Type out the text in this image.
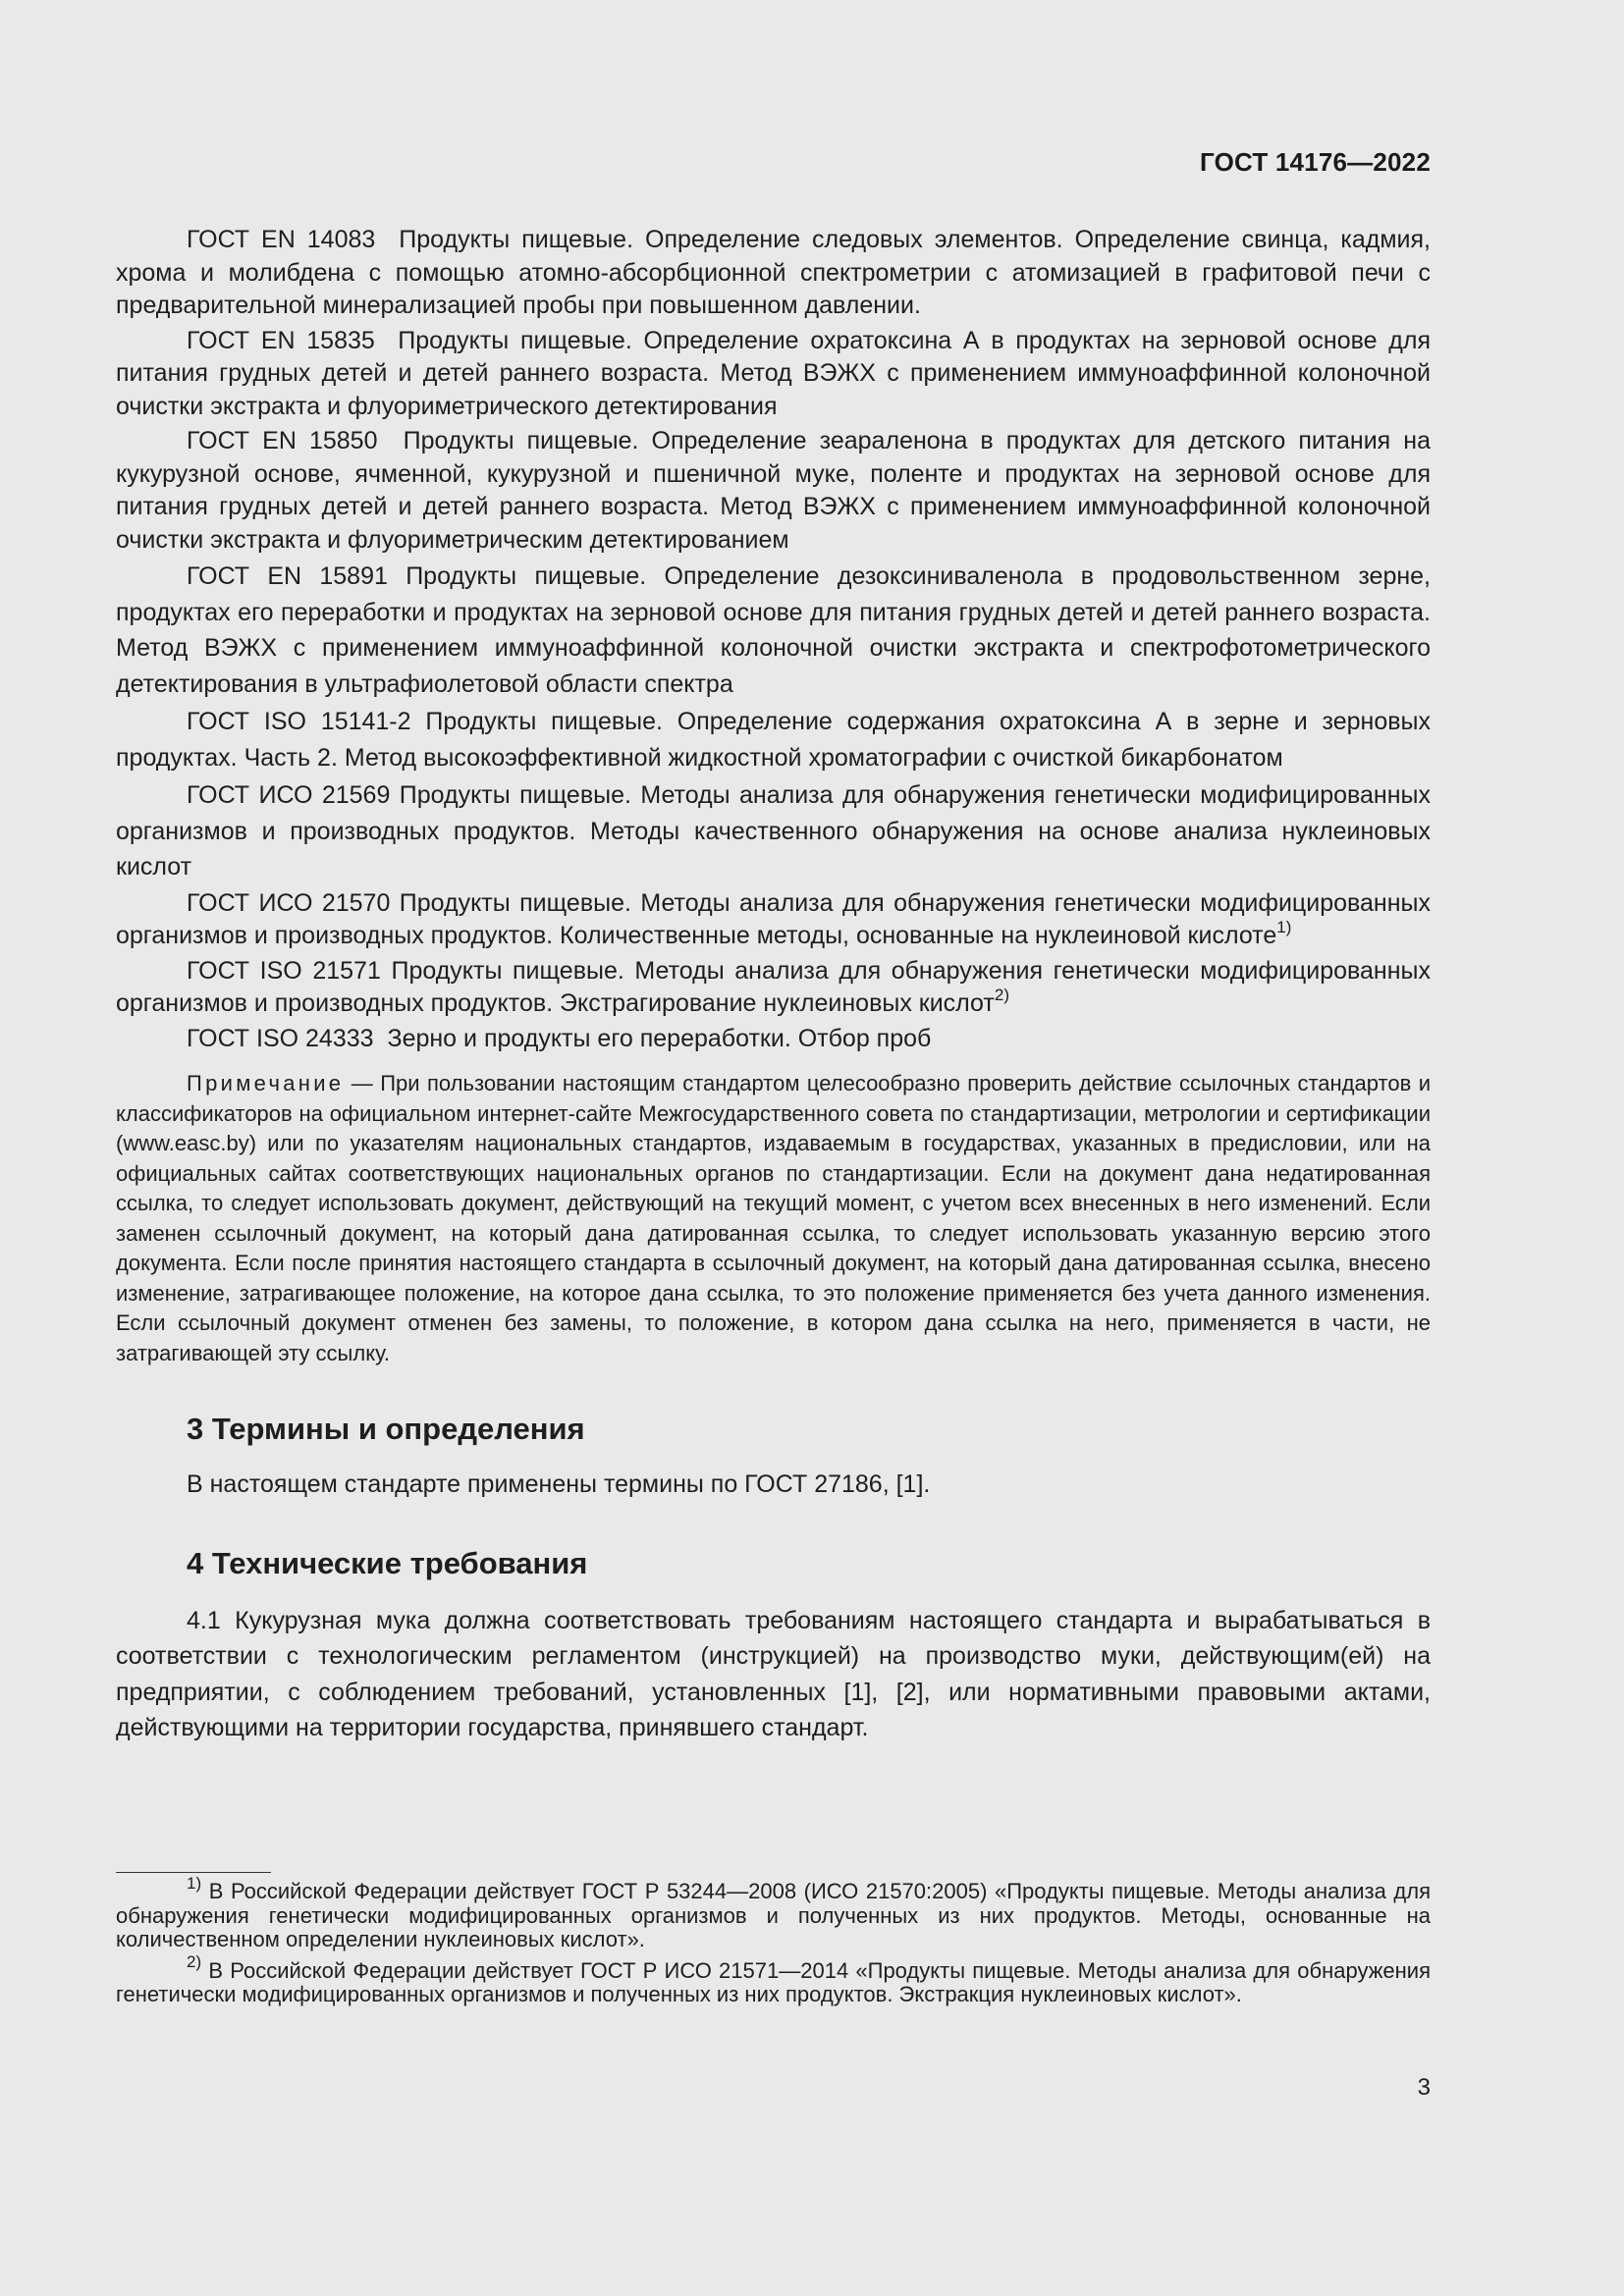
ГОСТ 14176—2022

ГОСТ EN 14083 Продукты пищевые. Определение следовых элементов. Определение свинца, кадмия, хрома и молибдена с помощью атомно-абсорбционной спектрометрии с атомизацией в графитовой печи с предварительной минерализацией пробы при повышенном давлении.

ГОСТ EN 15835 Продукты пищевые. Определение охратоксина А в продуктах на зерновой основе для питания грудных детей и детей раннего возраста. Метод ВЭЖХ с применением иммуноаффинной колоночной очистки экстракта и флуориметрического детектирования

ГОСТ EN 15850 Продукты пищевые. Определение зеараленона в продуктах для детского питания на кукурузной основе, ячменной, кукурузной и пшеничной муке, поленте и продуктах на зерновой основе для питания грудных детей и детей раннего возраста. Метод ВЭЖХ с применением иммуноаффинной колоночной очистки экстракта и флуориметрическим детектированием

ГОСТ EN 15891 Продукты пищевые. Определение дезоксиниваленола в продовольственном зерне, продуктах его переработки и продуктах на зерновой основе для питания грудных детей и детей раннего возраста. Метод ВЭЖХ с применением иммуноаффинной колоночной очистки экстракта и спектрофотометрического детектирования в ультрафиолетовой области спектра

ГОСТ ISO 15141-2 Продукты пищевые. Определение содержания охратоксина А в зерне и зерновых продуктах. Часть 2. Метод высокоэффективной жидкостной хроматографии с очисткой бикарбонатом

ГОСТ ИСО 21569 Продукты пищевые. Методы анализа для обнаружения генетически модифицированных организмов и производных продуктов. Методы качественного обнаружения на основе анализа нуклеиновых кислот

ГОСТ ИСО 21570 Продукты пищевые. Методы анализа для обнаружения генетически модифицированных организмов и производных продуктов. Количественные методы, основанные на нуклеиновой кислоте$^{1)}$

ГОСТ ISO 21571 Продукты пищевые. Методы анализа для обнаружения генетически модифицированных организмов и производных продуктов. Экстрагирование нуклеиновых кислот$^{2)}$

ГОСТ ISO 24333 Зерно и продукты его переработки. Отбор проб

Примечание — При пользовании настоящим стандартом целесообразно проверить действие ссылочных стандартов и классификаторов на официальном интернет-сайте Межгосударственного совета по стандартизации, метрологии и сертификации (www.easc.by) или по указателям национальных стандартов, издаваемым в государствах, указанных в предисловии, или на официальных сайтах соответствующих национальных органов по стандартизации. Если на документ дана недатированная ссылка, то следует использовать документ, действующий на текущий момент, с учетом всех внесенных в него изменений. Если заменен ссылочный документ, на который дана датированная ссылка, то следует использовать указанную версию этого документа. Если после принятия настоящего стандарта в ссылочный документ, на который дана датированная ссылка, внесено изменение, затрагивающее положение, на которое дана ссылка, то это положение применяется без учета данного изменения. Если ссылочный документ отменен без замены, то положение, в котором дана ссылка на него, применяется в части, не затрагивающей эту ссылку.

3 Термины и определения

В настоящем стандарте применены термины по ГОСТ 27186, [1].

4 Технические требования

4.1 Кукурузная мука должна соответствовать требованиям настоящего стандарта и вырабатываться в соответствии с технологическим регламентом (инструкцией) на производство муки, действующим(ей) на предприятии, с соблюдением требований, установленных [1], [2], или нормативными правовыми актами, действующими на территории государства, принявшего стандарт.

$^{1)}$ В Российской Федерации действует ГОСТ Р 53244—2008 (ИСО 21570:2005) «Продукты пищевые. Методы анализа для обнаружения генетически модифицированных организмов и полученных из них продуктов. Методы, основанные на количественном определении нуклеиновых кислот».

$^{2)}$ В Российской Федерации действует ГОСТ Р ИСО 21571—2014 «Продукты пищевые. Методы анализа для обнаружения генетически модифицированных организмов и полученных из них продуктов. Экстракция нуклеиновых кислот».

3
